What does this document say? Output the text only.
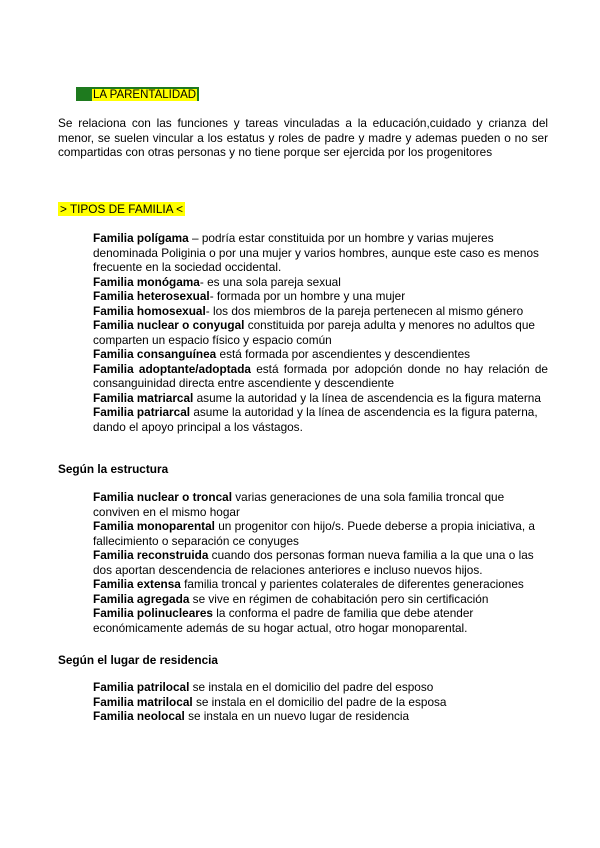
LA PARENTALIDAD
Se relaciona con las funciones y tareas vinculadas a la educación,cuidado y crianza del menor, se suelen vincular a los estatus y roles de padre y madre y ademas pueden o no ser compartidas con otras personas y no tiene porque ser ejercida por los progenitores
> TIPOS DE FAMILIA <

Familia polígama – podría estar constituida por un hombre y varias mujeres denominada Poliginia o por una mujer y varios hombres, aunque este caso es menos frecuente en la sociedad occidental.

Familia monógama- es una sola pareja sexual

Familia heterosexual- formada por un hombre y una mujer

Familia homosexual- los dos miembros de la pareja pertenecen al mismo género

Familia nuclear o conyugal constituida por pareja adulta y menores no adultos que comparten un espacio físico y espacio común

Familia consanguínea está formada por ascendientes y descendientes

Familia adoptante/adoptada está formada por adopción donde no hay relación de consanguinidad directa entre ascendiente y descendiente

Familia matriarcal asume la autoridad y la línea de ascendencia es la figura materna

Familia patriarcal asume la autoridad y la línea de ascendencia es la figura paterna, dando el apoyo principal a los vástagos.

Según la estructura

Familia nuclear o troncal varias generaciones de una sola familia troncal que conviven en el mismo hogar

Familia monoparental un progenitor con hijo/s. Puede deberse a propia iniciativa, a fallecimiento o separación ce conyuges

Familia reconstruida cuando dos personas forman nueva familia a la que una o las dos aportan descendencia de relaciones anteriores e incluso nuevos hijos.

Familia extensa familia troncal y parientes colaterales de diferentes generaciones

Familia agregada se vive en régimen de cohabitación pero sin certificación

Familia polinucleares la conforma el padre de familia que debe atender económicamente además de su hogar actual, otro hogar monoparental.

Según el lugar de residencia

Familia patrilocal se instala en el domicilio del padre del esposo

Familia matrilocal se instala en el domicilio del padre de la esposa

Familia neolocal se instala en un nuevo lugar de residencia
